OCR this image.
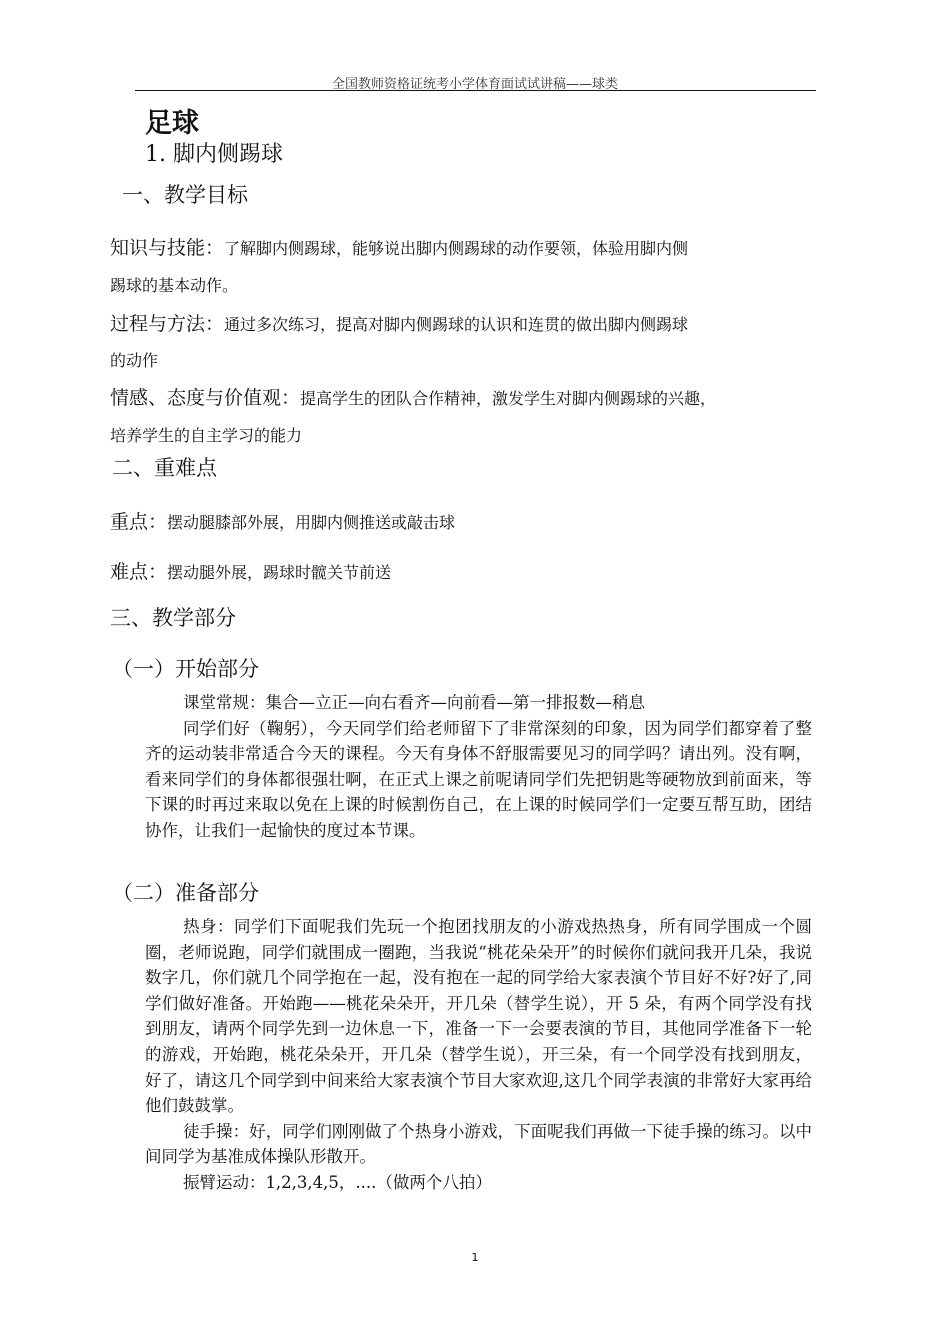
全国教师资格证统考小学体育面试试讲稿——球类
足球
1. 脚内侧踢球
一、教学目标
知识与技能：了解脚内侧踢球，能够说出脚内侧踢球的动作要领，体验用脚内侧
踢球的基本动作。
过程与方法：通过多次练习，提高对脚内侧踢球的认识和连贯的做出脚内侧踢球
的动作
情感、态度与价值观：提高学生的团队合作精神，激发学生对脚内侧踢球的兴趣，
培养学生的自主学习的能力
二、重难点
重点：摆动腿膝部外展，用脚内侧推送或敲击球
难点：摆动腿外展，踢球时髋关节前送
三、教学部分
（一）开始部分

课堂常规：集合—立正—向右看齐—向前看—第一排报数—稍息

同学们好（鞠躬），今天同学们给老师留下了非常深刻的印象，因为同学们都穿着了整齐的运动装非常适合今天的课程。今天有身体不舒服需要见习的同学吗？请出列。没有啊，看来同学们的身体都很强壮啊，在正式上课之前呢请同学们先把钥匙等硬物放到前面来，等下课的时再过来取以免在上课的时候割伤自己，在上课的时候同学们一定要互帮互助，团结协作，让我们一起愉快的度过本节课。

（二）准备部分

热身：同学们下面呢我们先玩一个抱团找朋友的小游戏热热身，所有同学围成一个圆圈，老师说跑，同学们就围成一圈跑，当我说“桃花朵朵开”的时候你们就问我开几朵，我说数字几，你们就几个同学抱在一起，没有抱在一起的同学给大家表演个节目好不好?好了,同学们做好准备。开始跑——桃花朵朵开，开几朵（替学生说），开 5 朵，有两个同学没有找到朋友，请两个同学先到一边休息一下，准备一下一会要表演的节目，其他同学准备下一轮的游戏，开始跑，桃花朵朵开，开几朵（替学生说），开三朵，有一个同学没有找到朋友，好了，请这几个同学到中间来给大家表演个节目大家欢迎,这几个同学表演的非常好大家再给他们鼓鼓掌。

徒手操：好，同学们刚刚做了个热身小游戏，下面呢我们再做一下徒手操的练习。以中间同学为基准成体操队形散开。

振臂运动：1,2,3,4,5，....（做两个八拍）

1
